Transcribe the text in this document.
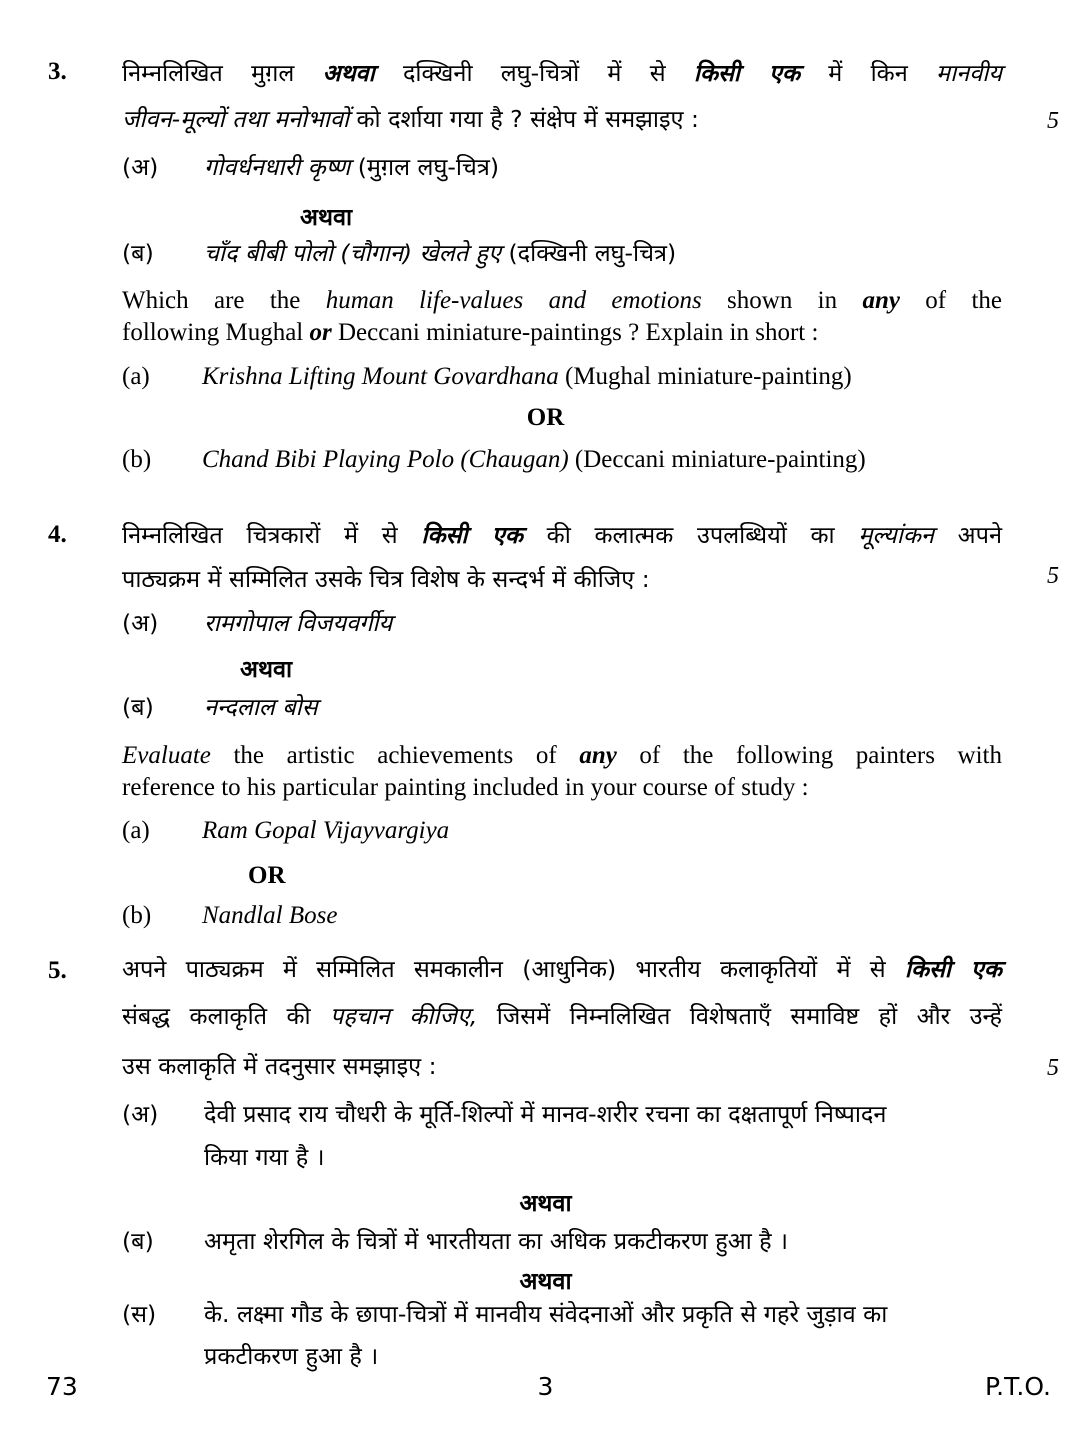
3.
5
निम्नलिखित मुग़ल अथवा दक्खिनी लघु-चित्रों में से किसी एक में किन मानवीय
जीवन-मूल्यों तथा मनोभावों को दर्शाया गया है ? संक्षेप में समझाइए :
(अ)	गोवर्धनधारी कृष्ण (मुग़ल लघु-चित्र)
अथवा
(ब)	चाँद बीबी पोलो (चौगान) खेलते हुए (दक्खिनी लघु-चित्र)
Which are the human life-values and emotions shown in any of the
following Mughal or Deccani miniature-paintings ? Explain in short :
(a)	Krishna Lifting Mount Govardhana (Mughal miniature-painting)
OR
(b)	Chand Bibi Playing Polo (Chaugan) (Deccani miniature-painting)
4.
5
निम्नलिखित चित्रकारों में से किसी एक की कलात्मक उपलब्धियों का मूल्यांकन अपने
पाठ्यक्रम में सम्मिलित उसके चित्र विशेष के सन्दर्भ में कीजिए :
(अ)	रामगोपाल विजयवर्गीय
अथवा
(ब)	नन्दलाल बोस
Evaluate the artistic achievements of any of the following painters with
reference to his particular painting included in your course of study :
(a)	Ram Gopal Vijayvargiya
OR
(b)	Nandlal Bose
5.
5
अपने पाठ्यक्रम में सम्मिलित समकालीन (आधुनिक) भारतीय कलाकृतियों में से किसी एक
संबद्ध कलाकृति की पहचान कीजिए, जिसमें निम्नलिखित विशेषताएँ समाविष्ट हों और उन्हें
उस कलाकृति में तदनुसार समझाइए :
(अ)	देवी प्रसाद राय चौधरी के मूर्ति-शिल्पों में मानव-शरीर रचना का दक्षतापूर्ण निष्पादन
किया गया है ।
अथवा
(ब)	अमृता शेरगिल के चित्रों में भारतीयता का अधिक प्रकटीकरण हुआ है ।
अथवा
(स)	के. लक्ष्मा गौड के छापा-चित्रों में मानवीय संवेदनाओं और प्रकृति से गहरे जुड़ाव का
प्रकटीकरण हुआ है ।
73	3	P.T.O.
